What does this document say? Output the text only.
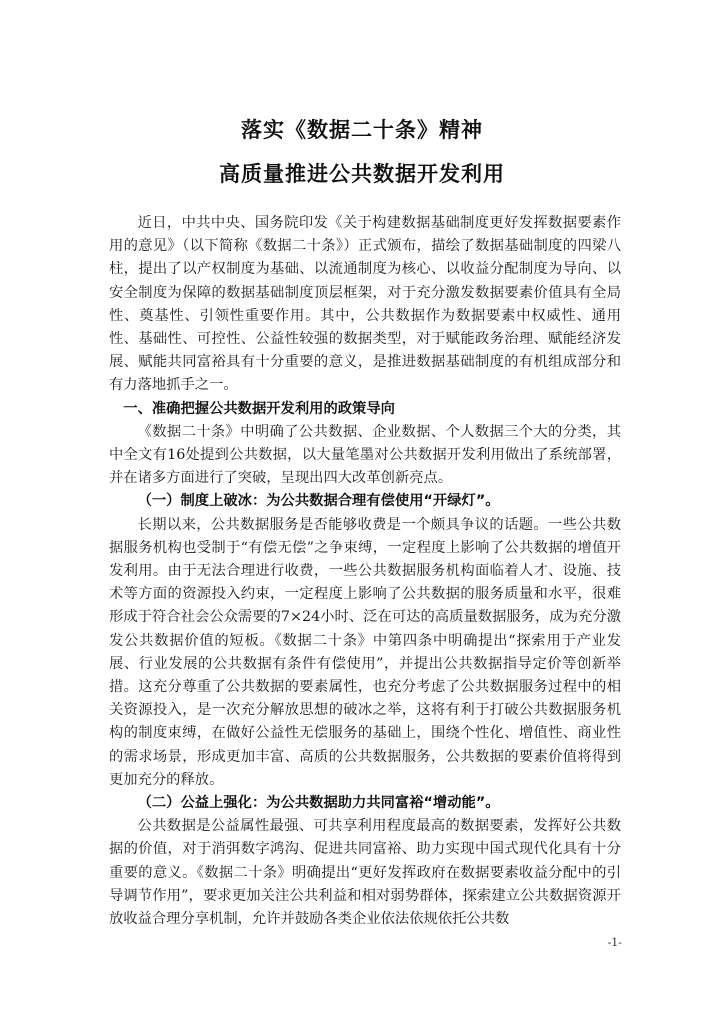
落实《数据二十条》精神
高质量推进公共数据开发利用

近日，中共中央、国务院印发《关于构建数据基础制度更好发挥数据要素作用的意见》（以下简称《数据二十条》）正式颁布，描绘了数据基础制度的四梁八柱，提出了以产权制度为基础、以流通制度为核心、以收益分配制度为导向、以安全制度为保障的数据基础制度顶层框架，对于充分激发数据要素价值具有全局性、奠基性、引领性重要作用。其中，公共数据作为数据要素中权威性、通用性、基础性、可控性、公益性较强的数据类型，对于赋能政务治理、赋能经济发展、赋能共同富裕具有十分重要的意义，是推进数据基础制度的有机组成部分和有力落地抓手之一。

一、准确把握公共数据开发利用的政策导向

《数据二十条》中明确了公共数据、企业数据、个人数据三个大的分类，其中全文有16处提到公共数据，以大量笔墨对公共数据开发利用做出了系统部署，并在诸多方面进行了突破，呈现出四大改革创新亮点。

（一）制度上破冰：为公共数据合理有偿使用“开绿灯”。

长期以来，公共数据服务是否能够收费是一个颇具争议的话题。一些公共数据服务机构也受制于“有偿无偿”之争束缚，一定程度上影响了公共数据的增值开发利用。由于无法合理进行收费，一些公共数据服务机构面临着人才、设施、技术等方面的资源投入约束，一定程度上影响了公共数据的服务质量和水平，很难形成于符合社会公众需要的7×24小时、泛在可达的高质量数据服务，成为充分激发公共数据价值的短板。《数据二十条》中第四条中明确提出“探索用于产业发展、行业发展的公共数据有条件有偿使用”，并提出公共数据指导定价等创新举措。这充分尊重了公共数据的要素属性，也充分考虑了公共数据服务过程中的相关资源投入，是一次充分解放思想的破冰之举，这将有利于打破公共数据服务机构的制度束缚，在做好公益性无偿服务的基础上，围绕个性化、增值性、商业性的需求场景，形成更加丰富、高质的公共数据服务，公共数据的要素价值将得到更加充分的释放。

（二）公益上强化：为公共数据助力共同富裕“增动能”。

公共数据是公益属性最强、可共享利用程度最高的数据要素，发挥好公共数据的价值，对于消弭数字鸿沟、促进共同富裕、助力实现中国式现代化具有十分重要的意义。《数据二十条》明确提出“更好发挥政府在数据要素收益分配中的引导调节作用”，要求更加关注公共利益和相对弱势群体，探索建立公共数据资源开放收益合理分享机制，允许并鼓励各类企业依法依规依托公共数

-1-
